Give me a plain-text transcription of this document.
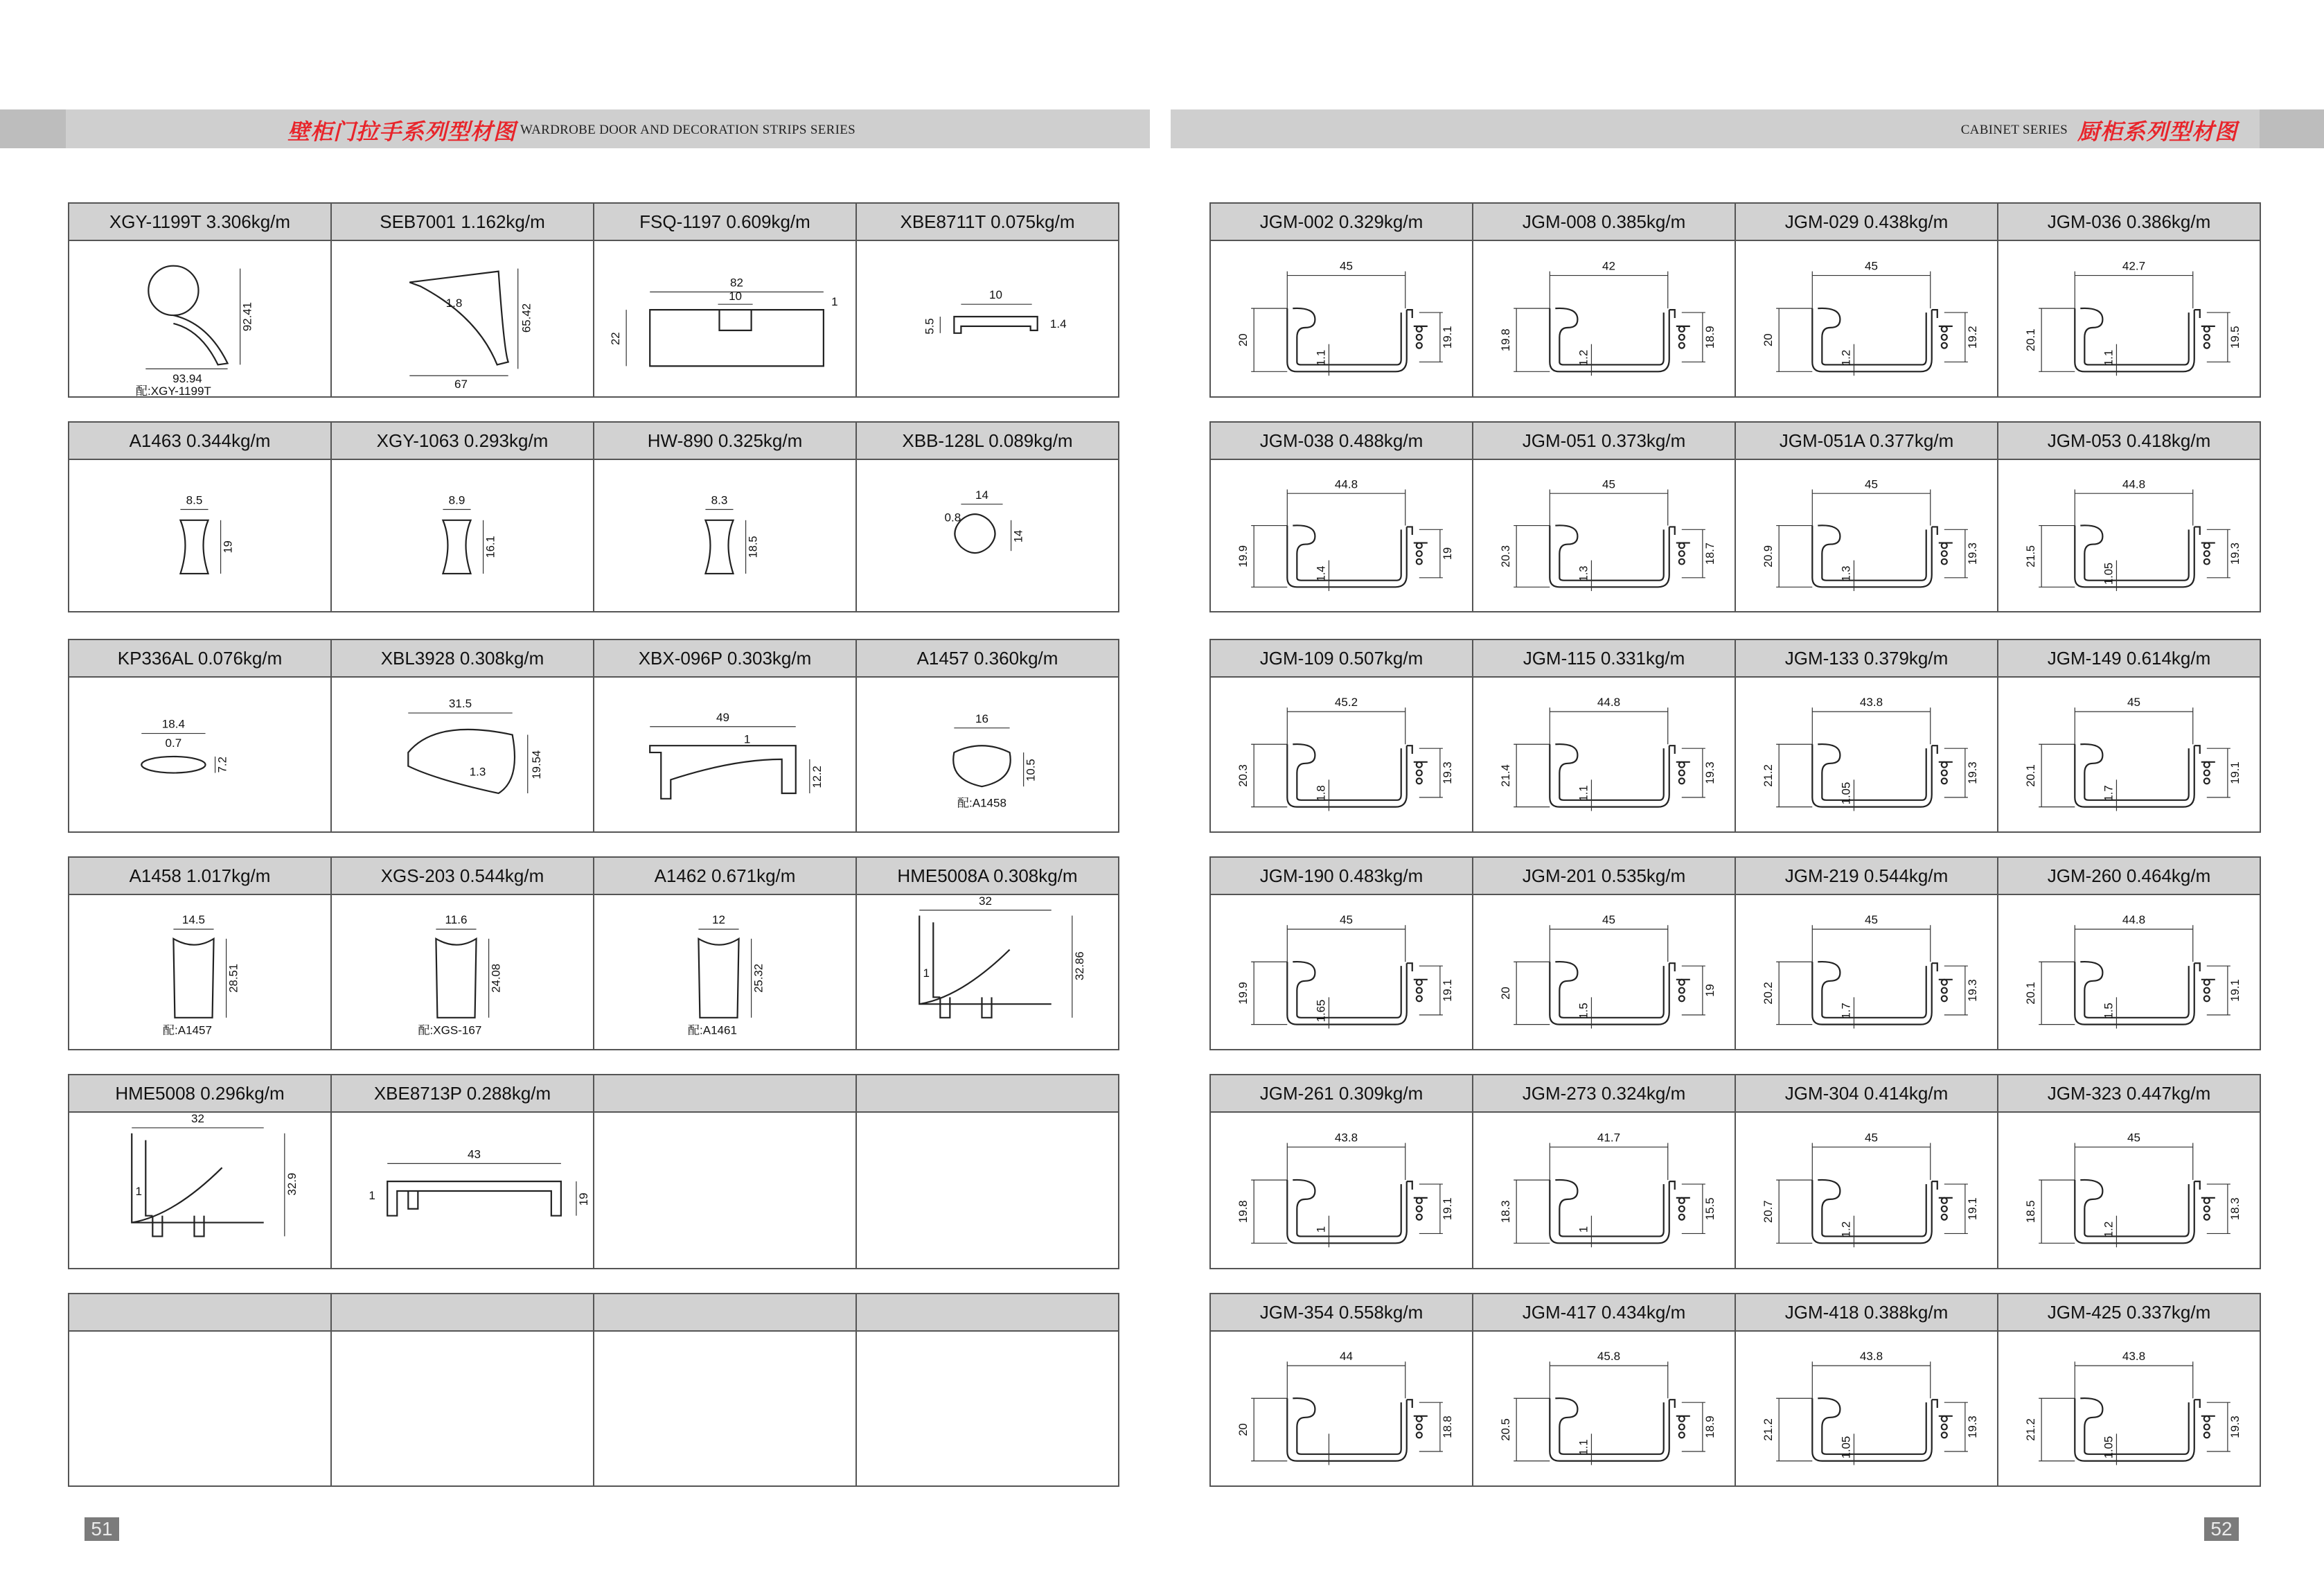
壁柜门拉手系列型材图 WARDROBE DOOR AND DECORATION STRIPS SERIES	CABINET SERIES 厨柜系列型材图
XGY-1199T 3.306kg/m	SEB7001 1.162kg/m	FSQ-1197 0.609kg/m	XBE8711T 0.075kg/m
93.94
92.41
配:XGY-1199T
67
65.42
1.8
82
10
22
1
10
5.5	1.4
A1463 0.344kg/m	XGY-1063 0.293kg/m	HW-890 0.325kg/m	XBB-128L 0.089kg/m
8.5
19
8.9
16.1
8.3
18.5
14
0.8
14
KP336AL 0.076kg/m	XBL3928 0.308kg/m	XBX-096P 0.303kg/m	A1457 0.360kg/m
18.4
0.7
7.2
31.5
19.54
1.3
49
1
12.2
16
10.5
配:A1458
A1458 1.017kg/m	XGS-203 0.544kg/m	A1462 0.671kg/m	HME5008A 0.308kg/m
14.5
28.51
配:A1457
11.6
24.08
配:XGS-167
12
25.32
配:A1461
32
32.86
1
HME5008 0.296kg/m	XBE8713P 0.288kg/m
32
32.9
1
43
1	19
JGM-002 0.329kg/m	JGM-008 0.385kg/m	JGM-029 0.438kg/m	JGM-036 0.386kg/m
45
20	19.1
1.1
42
19.8	18.9
1.2
45
20	19.2
1.2
42.7
20.1	19.5
1.1
JGM-038 0.488kg/m	JGM-051 0.373kg/m	JGM-051A 0.377kg/m	JGM-053 0.418kg/m
44.8
19.9	19
1.4
45
20.3	18.7
1.3
45
20.9	19.3
1.3
44.8
21.5	19.3
1.05
JGM-109 0.507kg/m	JGM-115 0.331kg/m	JGM-133 0.379kg/m	JGM-149 0.614kg/m
45.2
20.3	19.3
1.8
44.8
21.4	19.3
1.1
43.8
21.2	19.3
1.05
45
20.1	19.1
1.7
JGM-190 0.483kg/m	JGM-201 0.535kg/m	JGM-219 0.544kg/m	JGM-260 0.464kg/m
45
19.9	19.1
1.65
45
20	19
1.5
45
20.2	19.3
1.7
44.8
20.1	19.1
1.5
JGM-261 0.309kg/m	JGM-273 0.324kg/m	JGM-304 0.414kg/m	JGM-323 0.447kg/m
43.8
19.8	19.1
1
41.7
18.3	15.5
1
45
20.7	19.1
1.2
45
18.5	18.3
1.2
JGM-354 0.558kg/m	JGM-417 0.434kg/m	JGM-418 0.388kg/m	JGM-425 0.337kg/m
44
20	18.8
45.8
20.5	18.9
1.1
43.8
21.2	19.3
1.05
43.8
21.2	19.3
1.05
51	52
